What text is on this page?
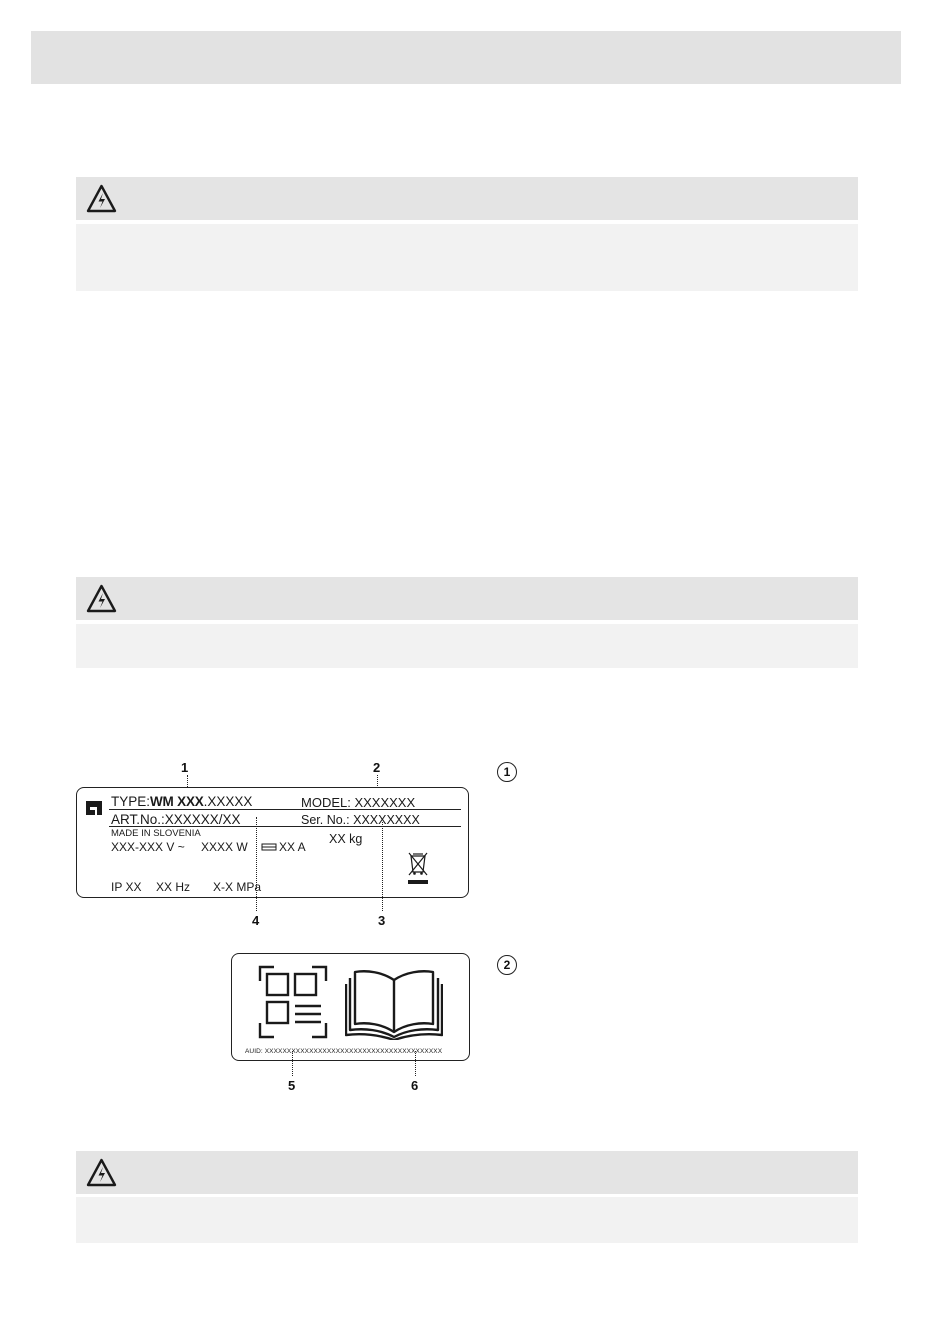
1	2
TYPE:WM XXX.XXXXX	MODEL: XXXXXXX
ART.No.:XXXXXX/XX	Ser. No.: XXXXXXXX
MADE IN SLOVENIA	XX kg
XXX-XXX V ~ XXXX W	XX A
IP XX XX Hz X-X MPa
4	3
1
2
AUID: XXXXXXXXXXXXXXXXXXXXXXXXXXXXXXXXXXXXXXXX
5	6
